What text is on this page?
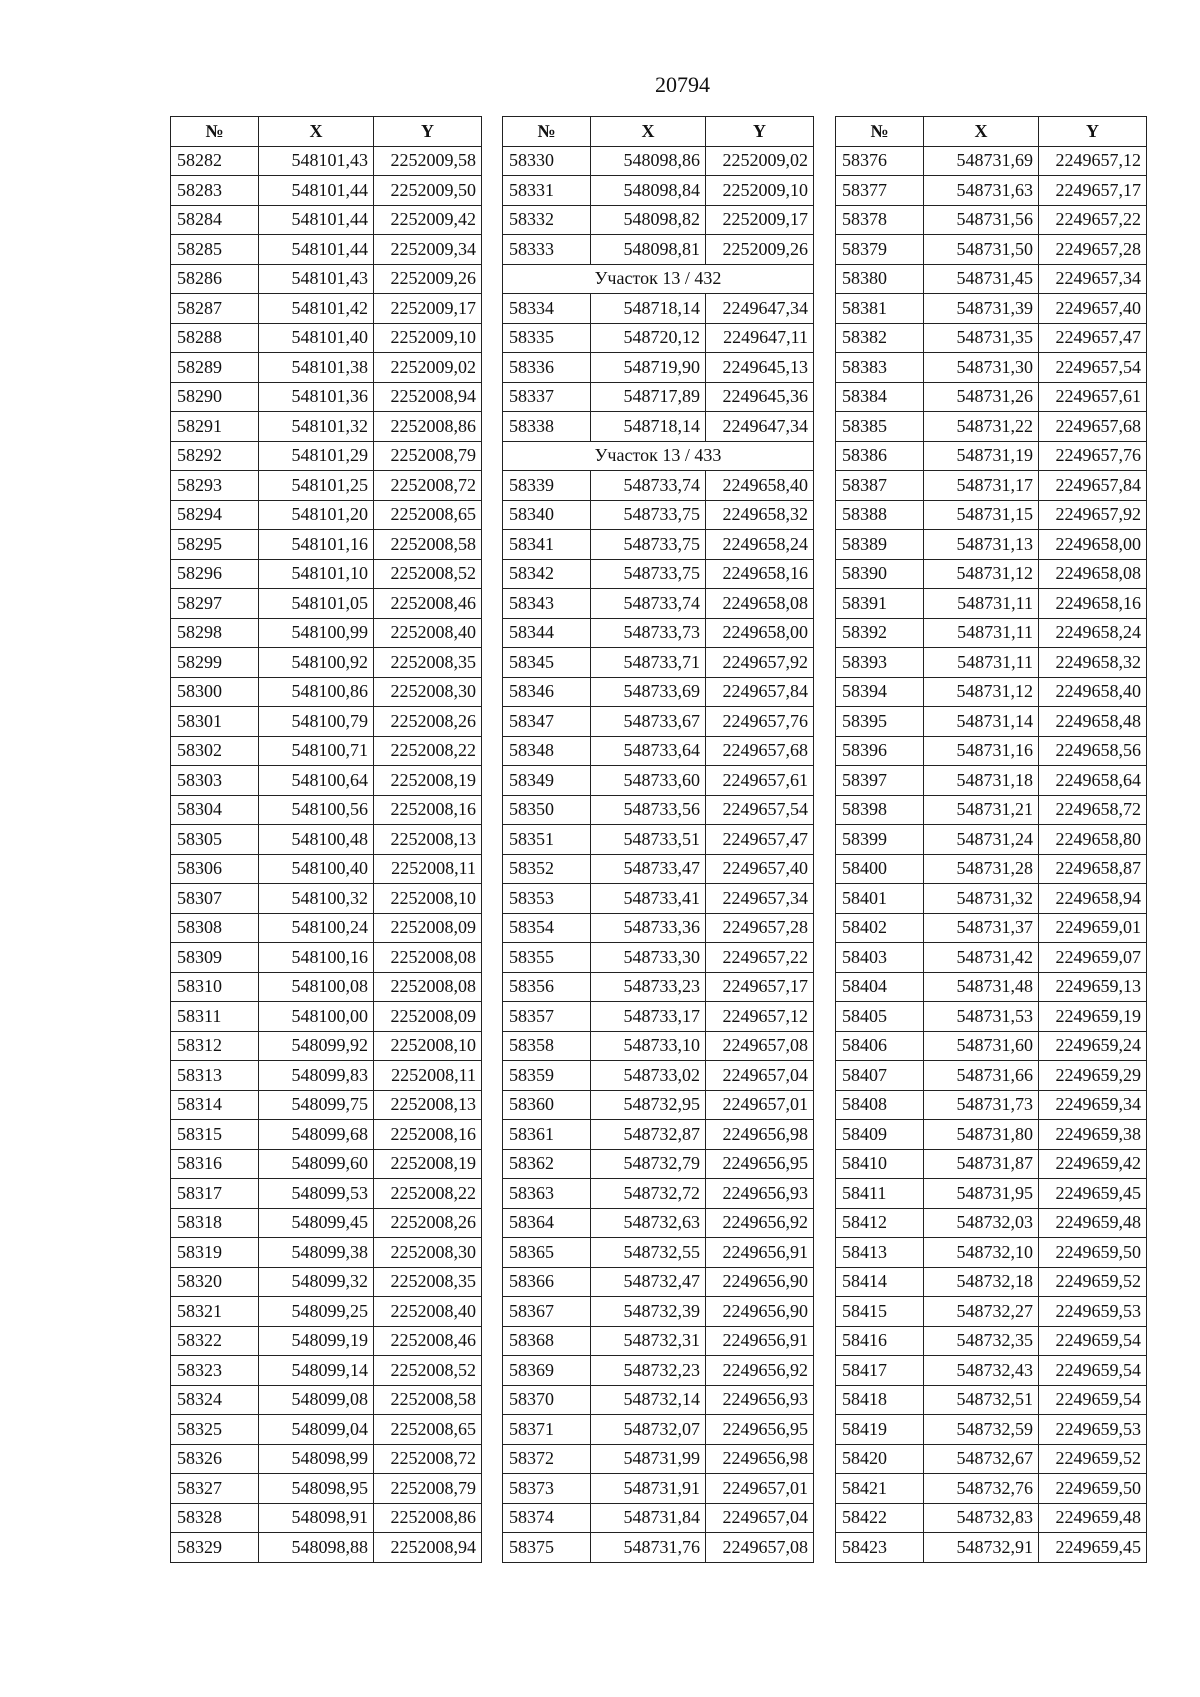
20794
№	X	Y
58282	548101,43	2252009,58
58283	548101,44	2252009,50
58284	548101,44	2252009,42
58285	548101,44	2252009,34
58286	548101,43	2252009,26
58287	548101,42	2252009,17
58288	548101,40	2252009,10
58289	548101,38	2252009,02
58290	548101,36	2252008,94
58291	548101,32	2252008,86
58292	548101,29	2252008,79
58293	548101,25	2252008,72
58294	548101,20	2252008,65
58295	548101,16	2252008,58
58296	548101,10	2252008,52
58297	548101,05	2252008,46
58298	548100,99	2252008,40
58299	548100,92	2252008,35
58300	548100,86	2252008,30
58301	548100,79	2252008,26
58302	548100,71	2252008,22
58303	548100,64	2252008,19
58304	548100,56	2252008,16
58305	548100,48	2252008,13
58306	548100,40	2252008,11
58307	548100,32	2252008,10
58308	548100,24	2252008,09
58309	548100,16	2252008,08
58310	548100,08	2252008,08
58311	548100,00	2252008,09
58312	548099,92	2252008,10
58313	548099,83	2252008,11
58314	548099,75	2252008,13
58315	548099,68	2252008,16
58316	548099,60	2252008,19
58317	548099,53	2252008,22
58318	548099,45	2252008,26
58319	548099,38	2252008,30
58320	548099,32	2252008,35
58321	548099,25	2252008,40
58322	548099,19	2252008,46
58323	548099,14	2252008,52
58324	548099,08	2252008,58
58325	548099,04	2252008,65
58326	548098,99	2252008,72
58327	548098,95	2252008,79
58328	548098,91	2252008,86
58329	548098,88	2252008,94
№	X	Y
58330	548098,86	2252009,02
58331	548098,84	2252009,10
58332	548098,82	2252009,17
58333	548098,81	2252009,26
Участок 13 / 432		
58334	548718,14	2249647,34
58335	548720,12	2249647,11
58336	548719,90	2249645,13
58337	548717,89	2249645,36
58338	548718,14	2249647,34
Участок 13 / 433		
58339	548733,74	2249658,40
58340	548733,75	2249658,32
58341	548733,75	2249658,24
58342	548733,75	2249658,16
58343	548733,74	2249658,08
58344	548733,73	2249658,00
58345	548733,71	2249657,92
58346	548733,69	2249657,84
58347	548733,67	2249657,76
58348	548733,64	2249657,68
58349	548733,60	2249657,61
58350	548733,56	2249657,54
58351	548733,51	2249657,47
58352	548733,47	2249657,40
58353	548733,41	2249657,34
58354	548733,36	2249657,28
58355	548733,30	2249657,22
58356	548733,23	2249657,17
58357	548733,17	2249657,12
58358	548733,10	2249657,08
58359	548733,02	2249657,04
58360	548732,95	2249657,01
58361	548732,87	2249656,98
58362	548732,79	2249656,95
58363	548732,72	2249656,93
58364	548732,63	2249656,92
58365	548732,55	2249656,91
58366	548732,47	2249656,90
58367	548732,39	2249656,90
58368	548732,31	2249656,91
58369	548732,23	2249656,92
58370	548732,14	2249656,93
58371	548732,07	2249656,95
58372	548731,99	2249656,98
58373	548731,91	2249657,01
58374	548731,84	2249657,04
58375	548731,76	2249657,08
№	X	Y
58376	548731,69	2249657,12
58377	548731,63	2249657,17
58378	548731,56	2249657,22
58379	548731,50	2249657,28
58380	548731,45	2249657,34
58381	548731,39	2249657,40
58382	548731,35	2249657,47
58383	548731,30	2249657,54
58384	548731,26	2249657,61
58385	548731,22	2249657,68
58386	548731,19	2249657,76
58387	548731,17	2249657,84
58388	548731,15	2249657,92
58389	548731,13	2249658,00
58390	548731,12	2249658,08
58391	548731,11	2249658,16
58392	548731,11	2249658,24
58393	548731,11	2249658,32
58394	548731,12	2249658,40
58395	548731,14	2249658,48
58396	548731,16	2249658,56
58397	548731,18	2249658,64
58398	548731,21	2249658,72
58399	548731,24	2249658,80
58400	548731,28	2249658,87
58401	548731,32	2249658,94
58402	548731,37	2249659,01
58403	548731,42	2249659,07
58404	548731,48	2249659,13
58405	548731,53	2249659,19
58406	548731,60	2249659,24
58407	548731,66	2249659,29
58408	548731,73	2249659,34
58409	548731,80	2249659,38
58410	548731,87	2249659,42
58411	548731,95	2249659,45
58412	548732,03	2249659,48
58413	548732,10	2249659,50
58414	548732,18	2249659,52
58415	548732,27	2249659,53
58416	548732,35	2249659,54
58417	548732,43	2249659,54
58418	548732,51	2249659,54
58419	548732,59	2249659,53
58420	548732,67	2249659,52
58421	548732,76	2249659,50
58422	548732,83	2249659,48
58423	548732,91	2249659,45
